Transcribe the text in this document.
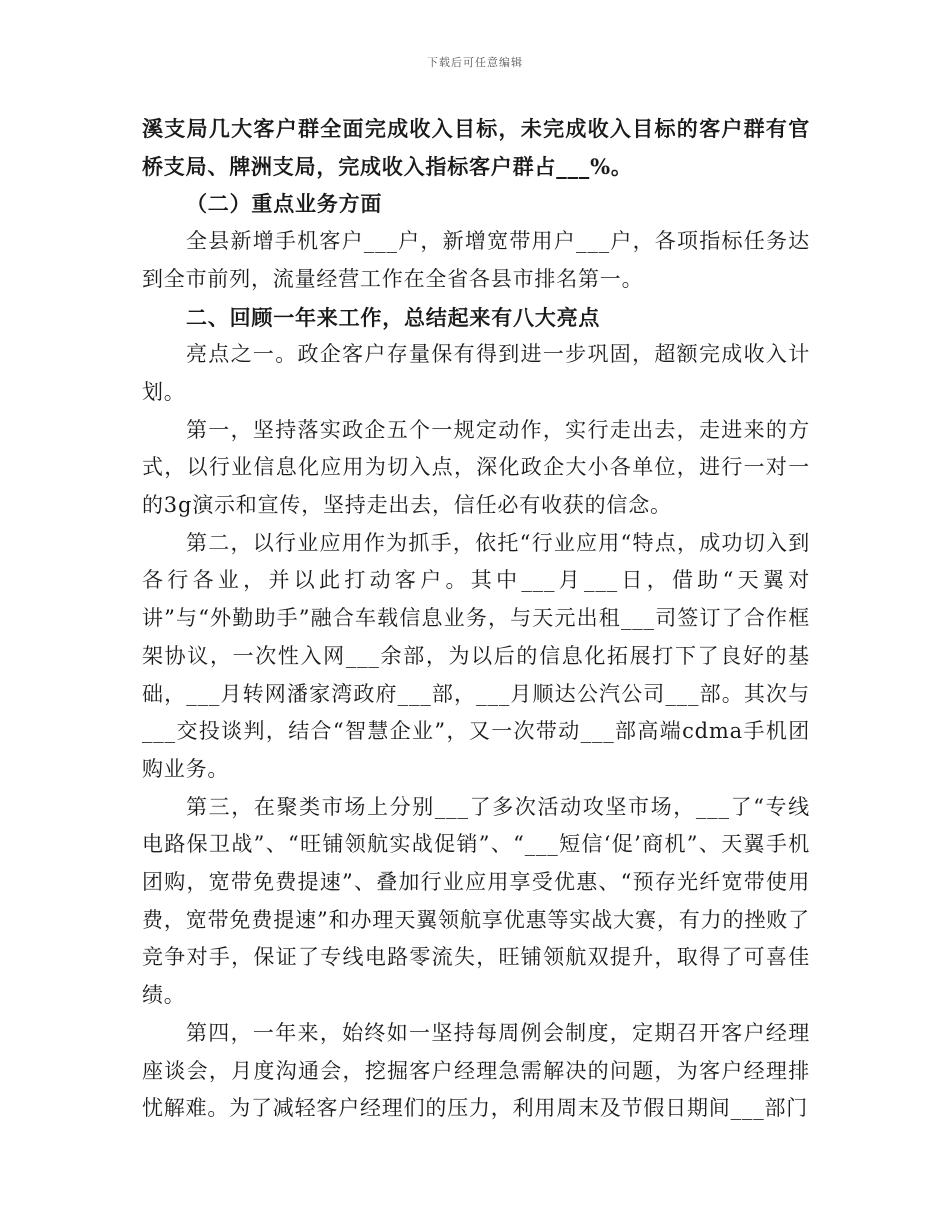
下载后可任意编辑

溪支局几大客户群全面完成收入目标，未完成收入目标的客户群有官桥支局、牌洲支局，完成收入指标客户群占___%。

（二）重点业务方面

全县新增手机客户___户，新增宽带用户___户，各项指标任务达到全市前列，流量经营工作在全省各县市排名第一。

二、回顾一年来工作，总结起来有八大亮点

亮点之一。政企客户存量保有得到进一步巩固，超额完成收入计划。

第一，坚持落实政企五个一规定动作，实行走出去，走进来的方式，以行业信息化应用为切入点，深化政企大小各单位，进行一对一的3g演示和宣传，坚持走出去，信任必有收获的信念。

第二，以行业应用作为抓手，依托“行业应用“特点，成功切入到各行各业，并以此打动客户。其中___月___日，借助“天翼对讲”与“外勤助手”融合车载信息业务，与天元出租___司签订了合作框架协议，一次性入网___余部，为以后的信息化拓展打下了良好的基础，___月转网潘家湾政府___部，___月顺达公汽公司___部。其次与___交投谈判，结合“智慧企业”，又一次带动___部高端cdma手机团购业务。

第三，在聚类市场上分别___了多次活动攻坚市场，___了“专线电路保卫战”、“旺铺领航实战促销”、“___短信‘促’商机”、天翼手机团购，宽带免费提速”、叠加行业应用享受优惠、“预存光纤宽带使用费，宽带免费提速”和办理天翼领航享优惠等实战大赛，有力的挫败了竞争对手，保证了专线电路零流失，旺铺领航双提升，取得了可喜佳绩。

第四，一年来，始终如一坚持每周例会制度，定期召开客户经理座谈会，月度沟通会，挖掘客户经理急需解决的问题，为客户经理排忧解难。为了减轻客户经理们的压力，利用周末及节假日期间___部门
